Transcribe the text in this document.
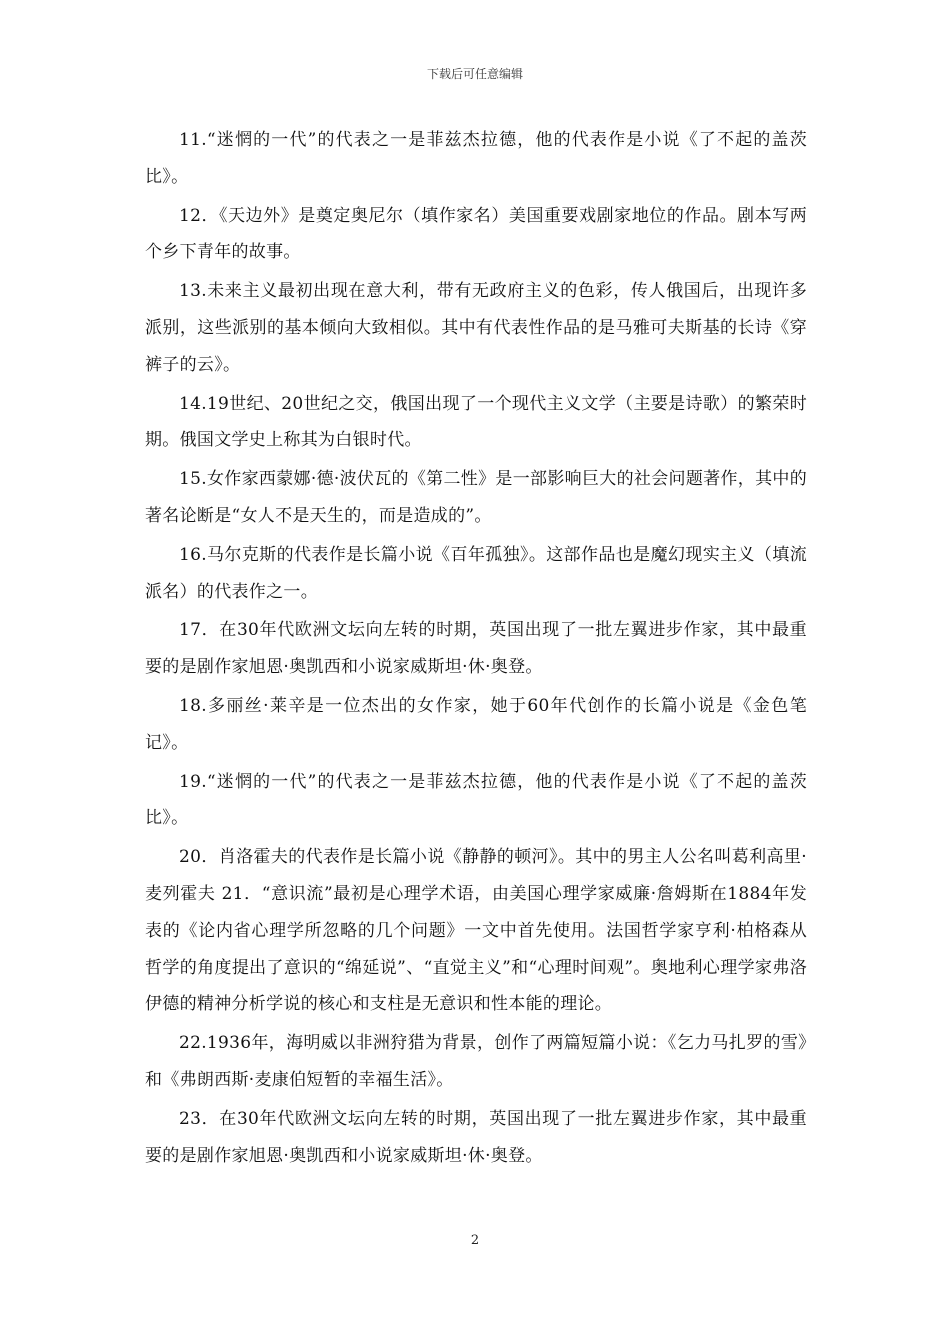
下载后可任意编辑

11.“迷惘的一代”的代表之一是菲兹杰拉德，他的代表作是小说《了不起的盖茨比》。

12．《天边外》是奠定奥尼尔（填作家名）美国重要戏剧家地位的作品。剧本写两个乡下青年的故事。

13.未来主义最初出现在意大利，带有无政府主义的色彩，传人俄国后，出现许多派别，这些派别的基本倾向大致相似。其中有代表性作品的是马雅可夫斯基的长诗《穿裤子的云》。

14.19世纪、20世纪之交，俄国出现了一个现代主义文学（主要是诗歌）的繁荣时期。俄国文学史上称其为白银时代。

15.女作家西蒙娜·德·波伏瓦的《第二性》是一部影响巨大的社会问题著作，其中的著名论断是“女人不是天生的，而是造成的”。

16.马尔克斯的代表作是长篇小说《百年孤独》。这部作品也是魔幻现实主义（填流派名）的代表作之一。

17．在30年代欧洲文坛向左转的时期，英国出现了一批左翼进步作家，其中最重要的是剧作家旭恩·奥凯西和小说家威斯坦·休·奥登。

18.多丽丝·莱辛是一位杰出的女作家，她于60年代创作的长篇小说是《金色笔记》。

19.“迷惘的一代”的代表之一是菲兹杰拉德，他的代表作是小说《了不起的盖茨比》。

20．肖洛霍夫的代表作是长篇小说《静静的顿河》。其中的男主人公名叫葛利高里·麦列霍夫 21．“意识流”最初是心理学术语，由美国心理学家威廉·詹姆斯在1884年发表的《论内省心理学所忽略的几个问题》一文中首先使用。法国哲学家亨利·柏格森从哲学的角度提出了意识的“绵延说”、“直觉主义”和“心理时间观”。奥地利心理学家弗洛伊德的精神分析学说的核心和支柱是无意识和性本能的理论。

22.1936年，海明威以非洲狩猎为背景，创作了两篇短篇小说：《乞力马扎罗的雪》和《弗朗西斯·麦康伯短暂的幸福生活》。

23．在30年代欧洲文坛向左转的时期，英国出现了一批左翼进步作家，其中最重要的是剧作家旭恩·奥凯西和小说家威斯坦·休·奥登。

2
